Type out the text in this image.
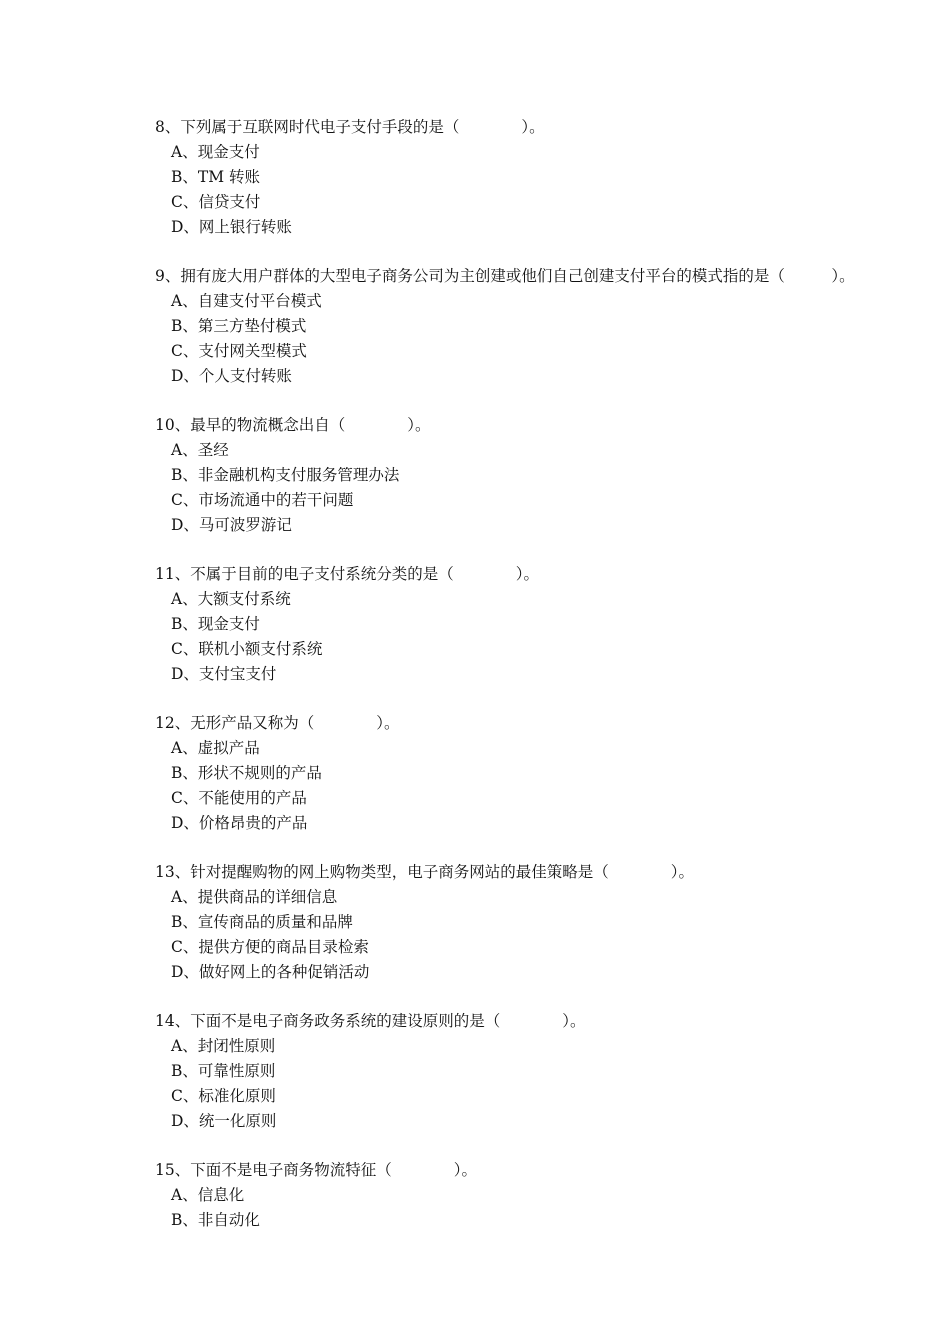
8、下列属于互联网时代电子支付手段的是（　　　　）。
A、现金支付
B、TM 转账
C、信贷支付
D、网上银行转账
9、拥有庞大用户群体的大型电子商务公司为主创建或他们自己创建支付平台的模式指的是（　　　）。
A、自建支付平台模式
B、第三方垫付模式
C、支付网关型模式
D、个人支付转账
10、最早的物流概念出自（　　　　）。
A、圣经
B、非金融机构支付服务管理办法
C、市场流通中的若干问题
D、马可波罗游记
11、不属于目前的电子支付系统分类的是（　　　　）。
A、大额支付系统
B、现金支付
C、联机小额支付系统
D、支付宝支付
12、无形产品又称为（　　　　）。
A、虚拟产品
B、形状不规则的产品
C、不能使用的产品
D、价格昂贵的产品
13、针对提醒购物的网上购物类型，电子商务网站的最佳策略是（　　　　）。
A、提供商品的详细信息
B、宣传商品的质量和品牌
C、提供方便的商品目录检索
D、做好网上的各种促销活动
14、下面不是电子商务政务系统的建设原则的是（　　　　）。
A、封闭性原则
B、可靠性原则
C、标准化原则
D、统一化原则
15、下面不是电子商务物流特征（　　　　）。
A、信息化
B、非自动化
